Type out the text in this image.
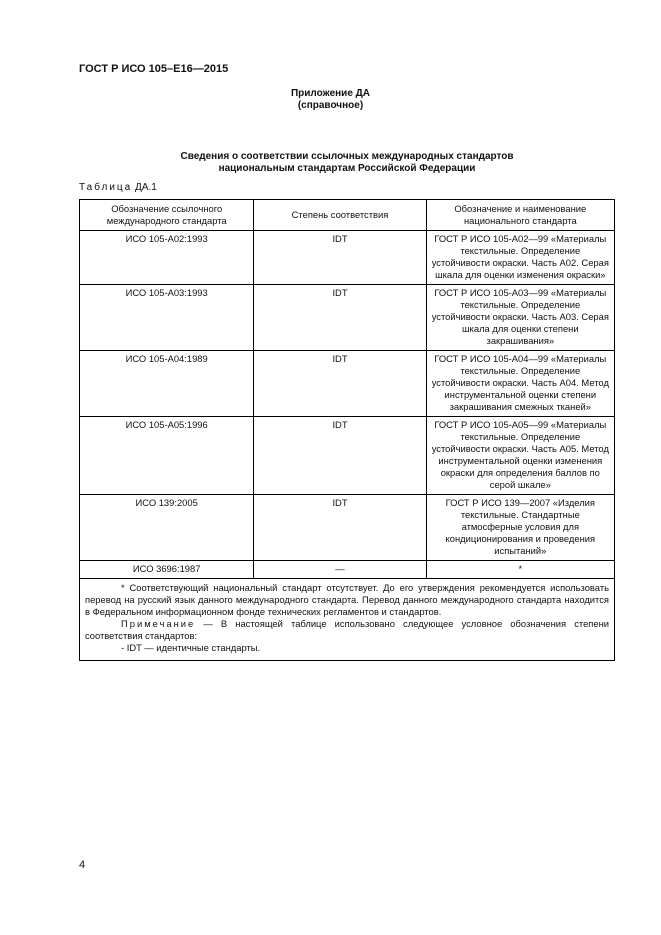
ГОСТ Р ИСО 105–Е16—2015
Приложение ДА
(справочное)
Сведения о соответствии ссылочных международных стандартов
национальным стандартам Российской Федерации
Таблица ДА.1
Обозначение ссылочного международного стандарта	Степень соответствия	Обозначение и наименование национального стандарта
ИСО 105-А02:1993	IDT	ГОСТ Р ИСО 105-А02—99 «Материалы текстильные. Определение устойчивости окраски. Часть А02. Серая шкала для оценки изменения окраски»
ИСО 105-А03:1993	IDT	ГОСТ Р ИСО 105-А03—99 «Материалы текстильные. Определение устойчивости окраски. Часть А03. Серая шкала для оценки степени закрашивания»
ИСО 105-А04:1989	IDT	ГОСТ Р ИСО 105-А04—99 «Материалы текстильные. Определение устойчивости окраски. Часть А04. Метод инструментальной оценки степени закрашивания смежных тканей»
ИСО 105-А05:1996	IDT	ГОСТ Р ИСО 105-А05—99 «Материалы текстильные. Определение устойчивости окраски. Часть А05. Метод инструментальной оценки изменения окраски для определения баллов по серой шкале»
ИСО 139:2005	IDT	ГОСТ Р ИСО 139—2007 «Изделия текстильные. Стандартные атмосферные условия для кондиционирования и проведения испытаний»
ИСО 3696:1987	—	*

* Соответствующий национальный стандарт отсутствует. До его утверждения рекомендуется использовать перевод на русский язык данного международного стандарта. Перевод данного международного стандарта находится в Федеральном информационном фонде технических регламентов и стандартов.

Примечание — В настоящей таблице использовано следующее условное обозначения степени соответствия стандартов:

- IDT — идентичные стандарты.		

4
